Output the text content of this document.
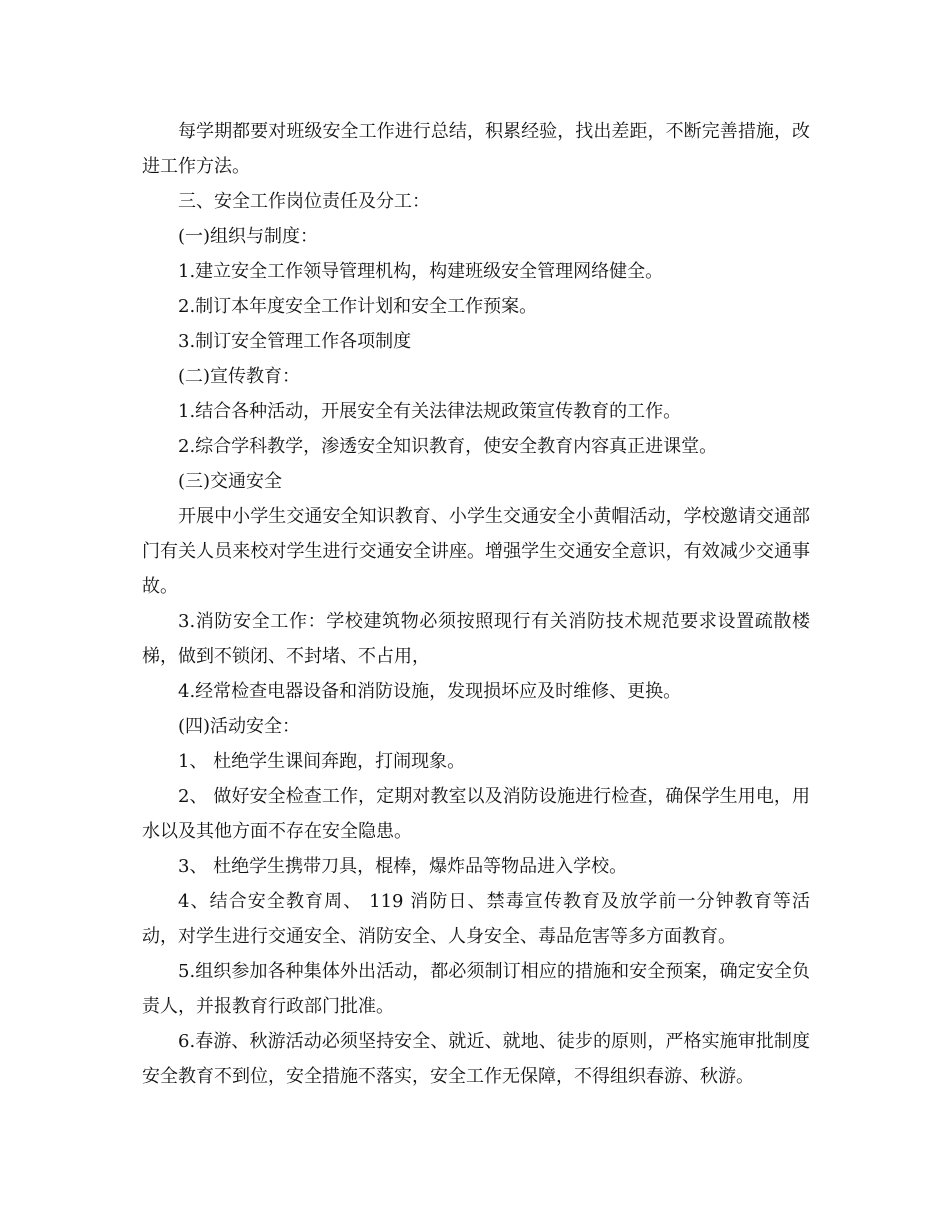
每学期都要对班级安全工作进行总结，积累经验，找出差距，不断完善措施，改进工作方法。

三、安全工作岗位责任及分工：

(一)组织与制度：

1.建立安全工作领导管理机构，构建班级安全管理网络健全。

2.制订本年度安全工作计划和安全工作预案。

3.制订安全管理工作各项制度

(二)宣传教育：

1.结合各种活动，开展安全有关法律法规政策宣传教育的工作。

2.综合学科教学，渗透安全知识教育，使安全教育内容真正进课堂。

(三)交通安全

开展中小学生交通安全知识教育、小学生交通安全小黄帽活动，学校邀请交通部门有关人员来校对学生进行交通安全讲座。增强学生交通安全意识，有效减少交通事故。

3.消防安全工作：学校建筑物必须按照现行有关消防技术规范要求设置疏散楼梯，做到不锁闭、不封堵、不占用，

4.经常检查电器设备和消防设施，发现损坏应及时维修、更换。

(四)活动安全：

1、 杜绝学生课间奔跑，打闹现象。

2、 做好安全检查工作，定期对教室以及消防设施进行检查，确保学生用电，用水以及其他方面不存在安全隐患。

3、 杜绝学生携带刀具，棍棒，爆炸品等物品进入学校。

4、结合安全教育周、 119 消防日、禁毒宣传教育及放学前一分钟教育等活动，对学生进行交通安全、消防安全、人身安全、毒品危害等多方面教育。

5.组织参加各种集体外出活动，都必须制订相应的措施和安全预案，确定安全负责人，并报教育行政部门批准。

6.春游、秋游活动必须坚持安全、就近、就地、徒步的原则，严格实施审批制度安全教育不到位，安全措施不落实，安全工作无保障，不得组织春游、秋游。
